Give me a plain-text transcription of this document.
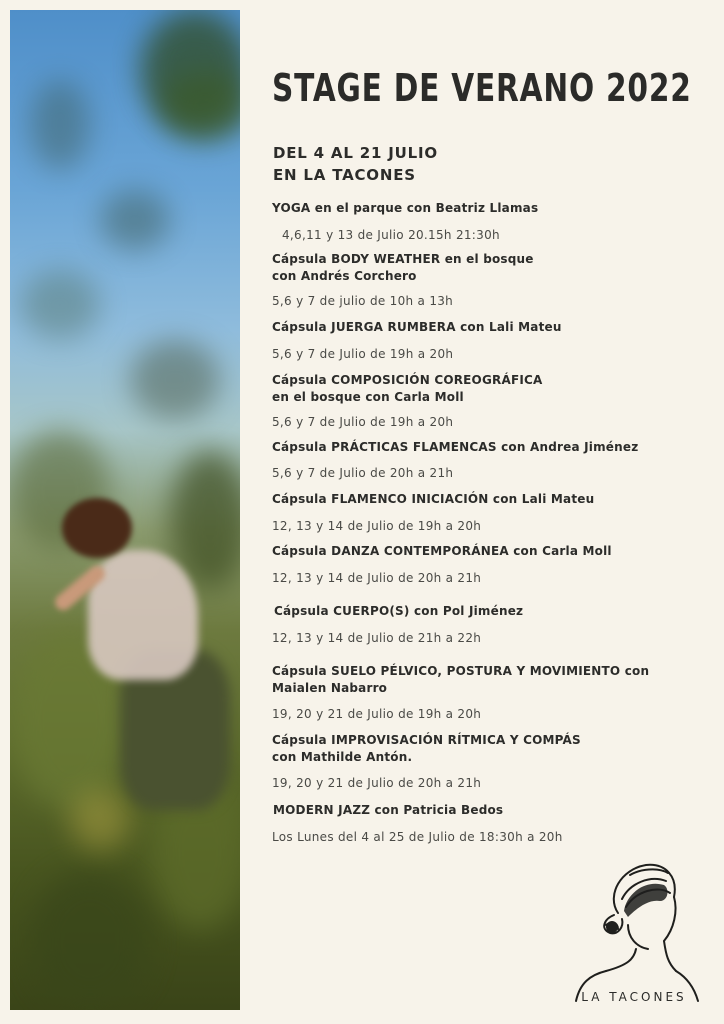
STAGE DE VERANO 2022
DEL 4 AL 21 JULIO
EN LA TACONES
YOGA en el parque con Beatriz Llamas
4,6,11 y 13 de Julio 20.15h 21:30h
Cápsula BODY WEATHER en el bosque
con Andrés Corchero
5,6 y 7 de julio de 10h a 13h
Cápsula JUERGA RUMBERA con Lali Mateu
5,6 y 7 de Julio de 19h a 20h
Cápsula COMPOSICIÓN COREOGRÁFICA
en el bosque con Carla Moll
5,6 y 7 de Julio de 19h a 20h
Cápsula PRÁCTICAS FLAMENCAS con Andrea Jiménez
5,6 y 7 de Julio de 20h a 21h
Cápsula FLAMENCO INICIACIÓN con Lali Mateu
12, 13 y 14 de Julio de 19h a 20h
Cápsula DANZA CONTEMPORÁNEA con Carla Moll
12, 13 y 14 de Julio de 20h a 21h
Cápsula CUERPO(S) con Pol Jiménez
12, 13 y 14 de Julio de 21h a 22h
Cápsula SUELO PÉLVICO, POSTURA Y MOVIMIENTO con
Maialen Nabarro
19, 20 y 21 de Julio de 19h a 20h
Cápsula IMPROVISACIÓN RÍTMICA Y COMPÁS
con Mathilde Antón.
19, 20 y 21 de Julio de 20h a 21h
MODERN JAZZ con Patricia Bedos
Los Lunes del 4 al 25 de Julio de 18:30h a 20h
LA TACONES
